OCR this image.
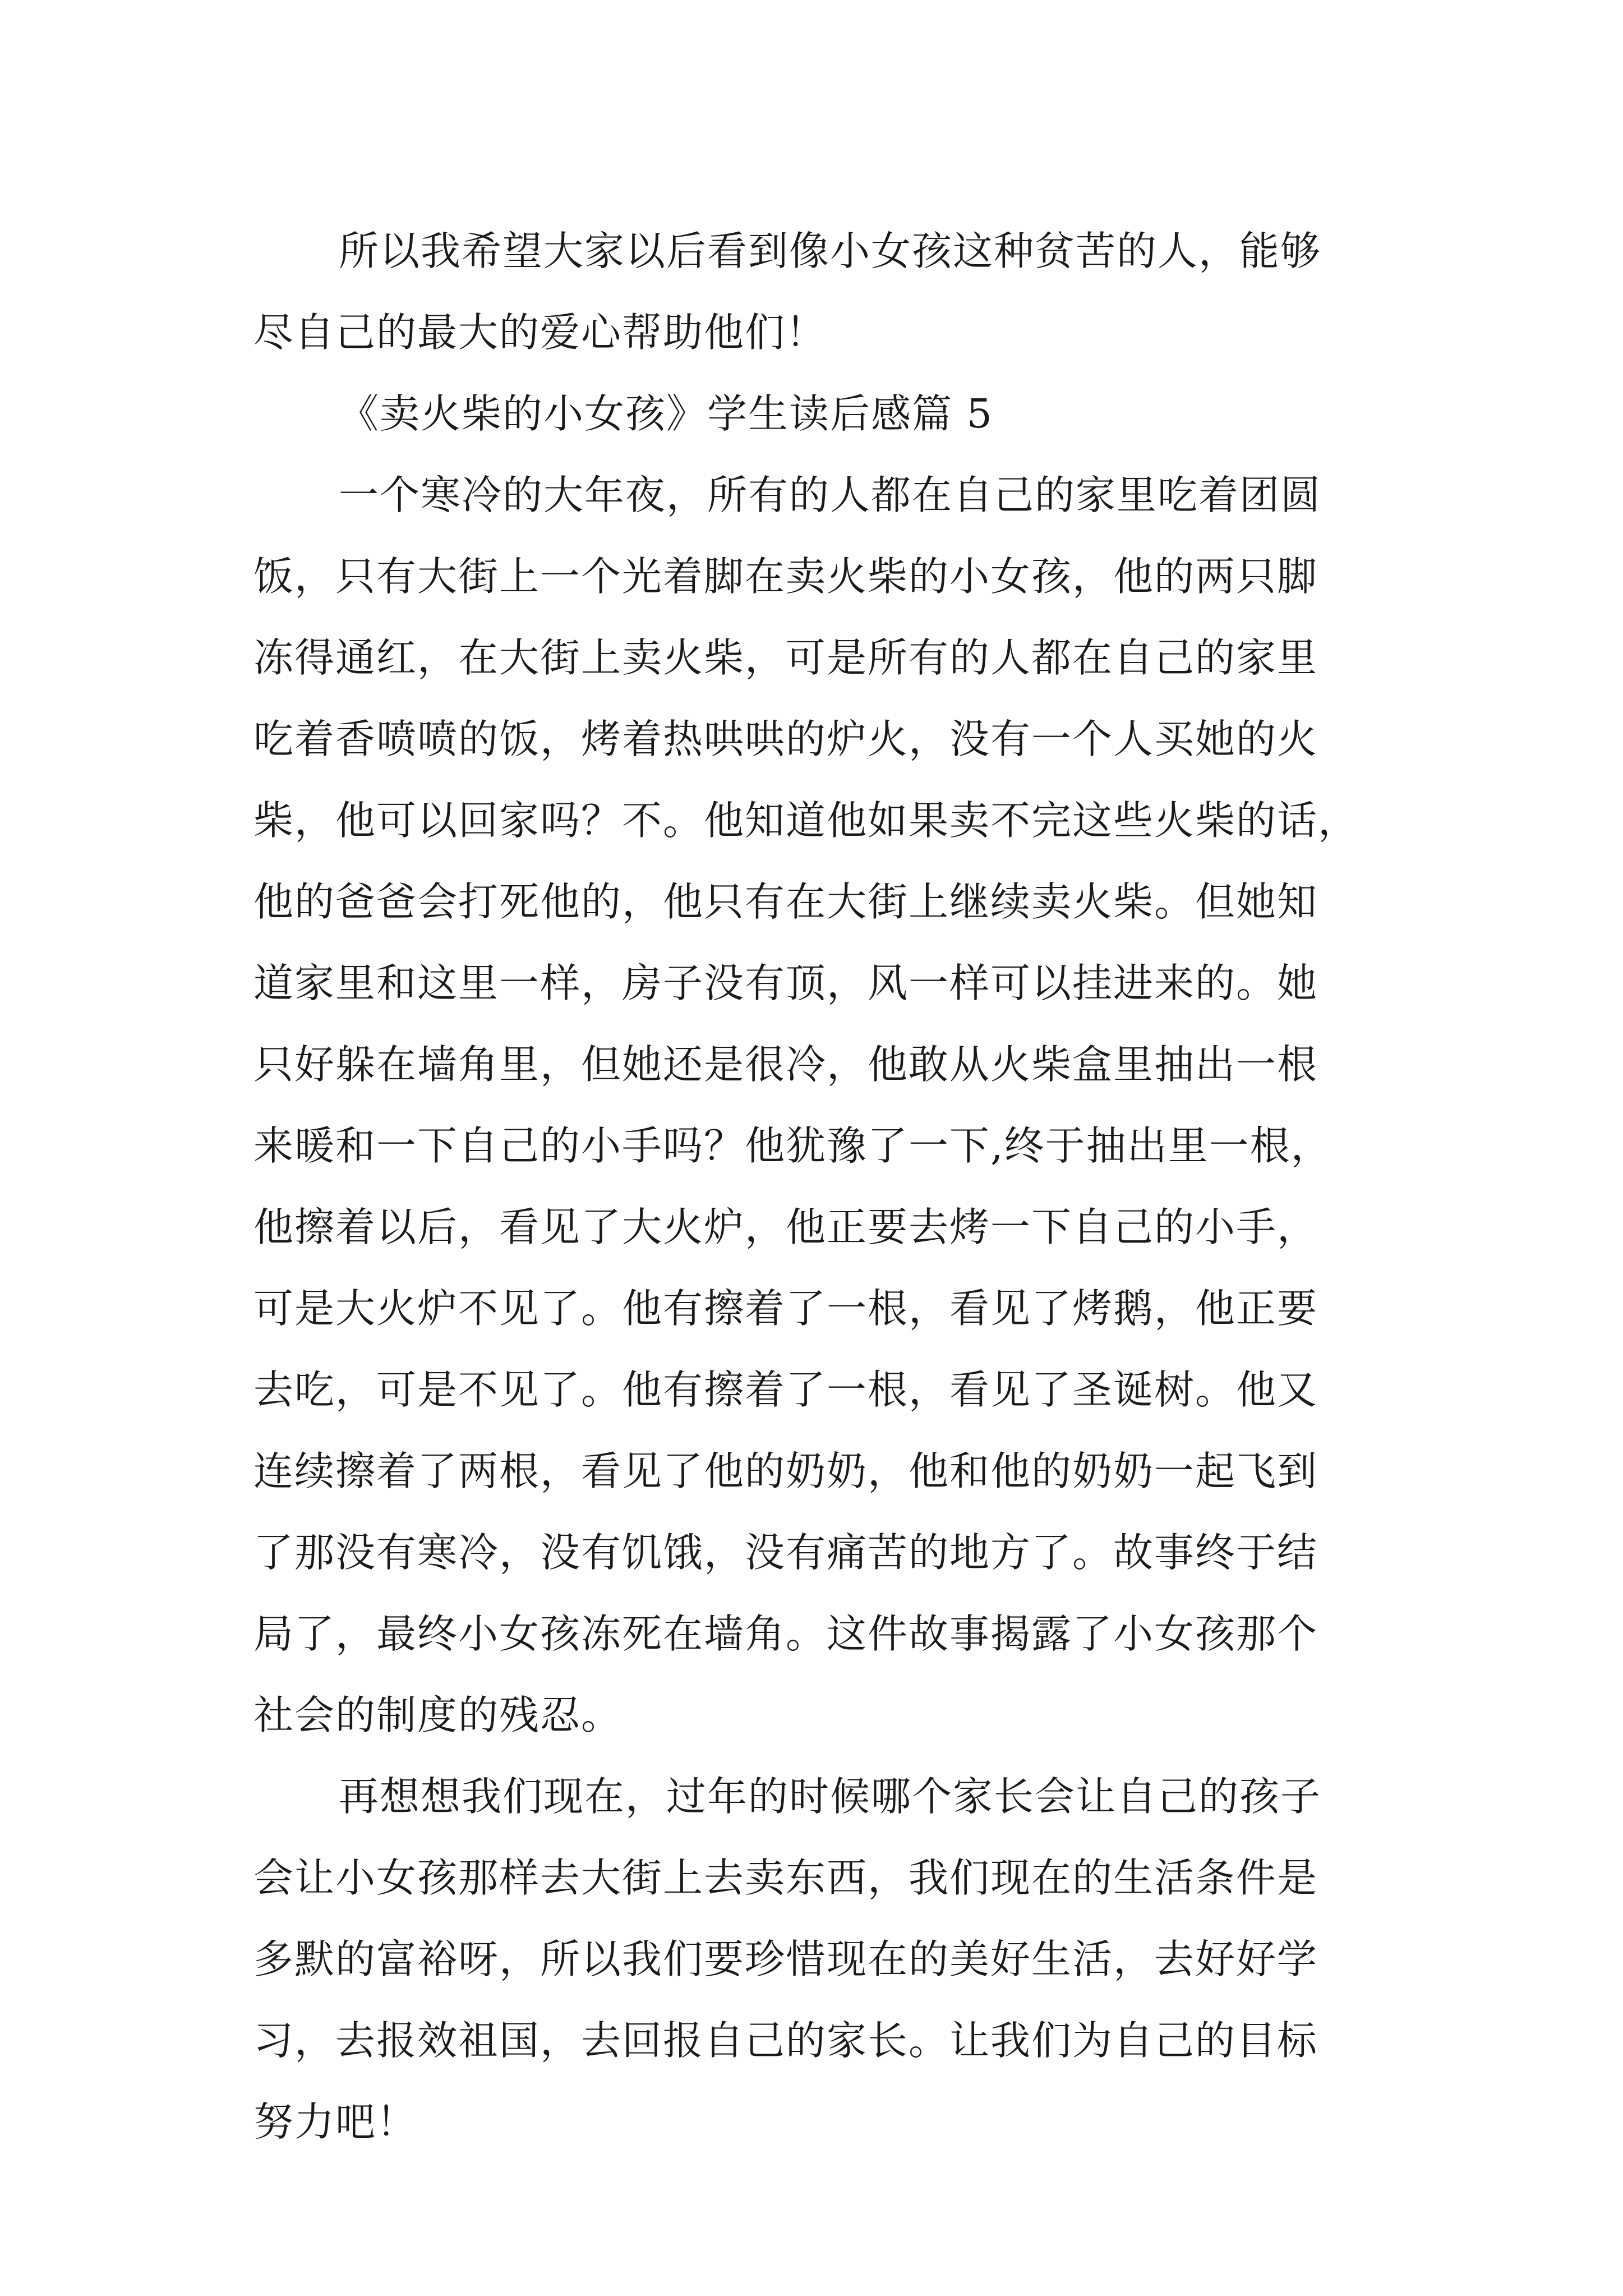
所以我希望大家以后看到像小女孩这种贫苦的人，能够
尽自己的最大的爱心帮助他们！
《卖火柴的小女孩》学生读后感篇 5
一个寒冷的大年夜，所有的人都在自己的家里吃着团圆
饭，只有大街上一个光着脚在卖火柴的小女孩，他的两只脚
冻得通红，在大街上卖火柴，可是所有的人都在自己的家里
吃着香喷喷的饭，烤着热哄哄的炉火，没有一个人买她的火
柴，他可以回家吗？不。他知道他如果卖不完这些火柴的话，
他的爸爸会打死他的，他只有在大街上继续卖火柴。但她知
道家里和这里一样，房子没有顶，风一样可以挂进来的。她
只好躲在墙角里，但她还是很冷，他敢从火柴盒里抽出一根
来暖和一下自己的小手吗？他犹豫了一下,终于抽出里一根，
他擦着以后，看见了大火炉，他正要去烤一下自己的小手，
可是大火炉不见了。他有擦着了一根，看见了烤鹅，他正要
去吃，可是不见了。他有擦着了一根，看见了圣诞树。他又
连续擦着了两根，看见了他的奶奶，他和他的奶奶一起飞到
了那没有寒冷，没有饥饿，没有痛苦的地方了。故事终于结
局了，最终小女孩冻死在墙角。这件故事揭露了小女孩那个
社会的制度的残忍。
再想想我们现在，过年的时候哪个家长会让自己的孩子
会让小女孩那样去大街上去卖东西，我们现在的生活条件是
多默的富裕呀，所以我们要珍惜现在的美好生活，去好好学
习，去报效祖国，去回报自己的家长。让我们为自己的目标
努力吧！
